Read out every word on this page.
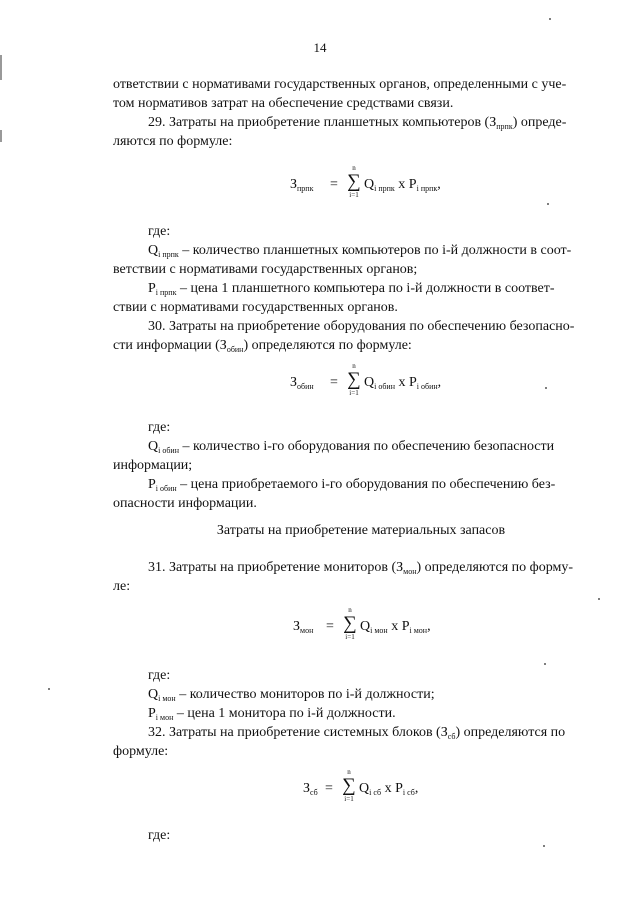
14
ответствии с нормативами государственных органов, определенными с уче-
том нормативов затрат на обеспечение средствами связи.
29. Затраты на приобретение планшетных компьютеров $(З_{прпк})$ опреде-
ляются по формуле:
$З_{прпк}$ =
n
∑
i=1
$Q_{i прпк}$ x $P_{i прпк}$,
где:
$Q_{i прпк}$ – количество планшетных компьютеров по i-й должности в соот-
ветствии с нормативами государственных органов;
$P_{i прпк}$ – цена 1 планшетного компьютера по i-й должности в соответ-
ствии с нормативами государственных органов.
30. Затраты на приобретение оборудования по обеспечению безопасно-
сти информации $(З_{обин})$ определяются по формуле:
$З_{обин}$ =
n
∑
i=1
$Q_{i обин}$ x $P_{i обин}$,
где:
$Q_{i обин}$ – количество i-го оборудования по обеспечению безопасности
информации;
$P_{i обин}$ – цена приобретаемого i-го оборудования по обеспечению без-
опасности информации.
Затраты на приобретение материальных запасов
31. Затраты на приобретение мониторов $(З_{мон})$ определяются по форму-
ле:
$З_{мон}$ =
n
∑
i=1
$Q_{i мон}$ x $P_{i мон}$,
где:
$Q_{i мон}$ – количество мониторов по i-й должности;
$P_{i мон}$ – цена 1 монитора по i-й должности.
32. Затраты на приобретение системных блоков $(З_{сб})$ определяются по
формуле:
$З_{сб}$ =
n
∑
i=1
$Q_{i сб}$ x $P_{i сб}$,
где:
